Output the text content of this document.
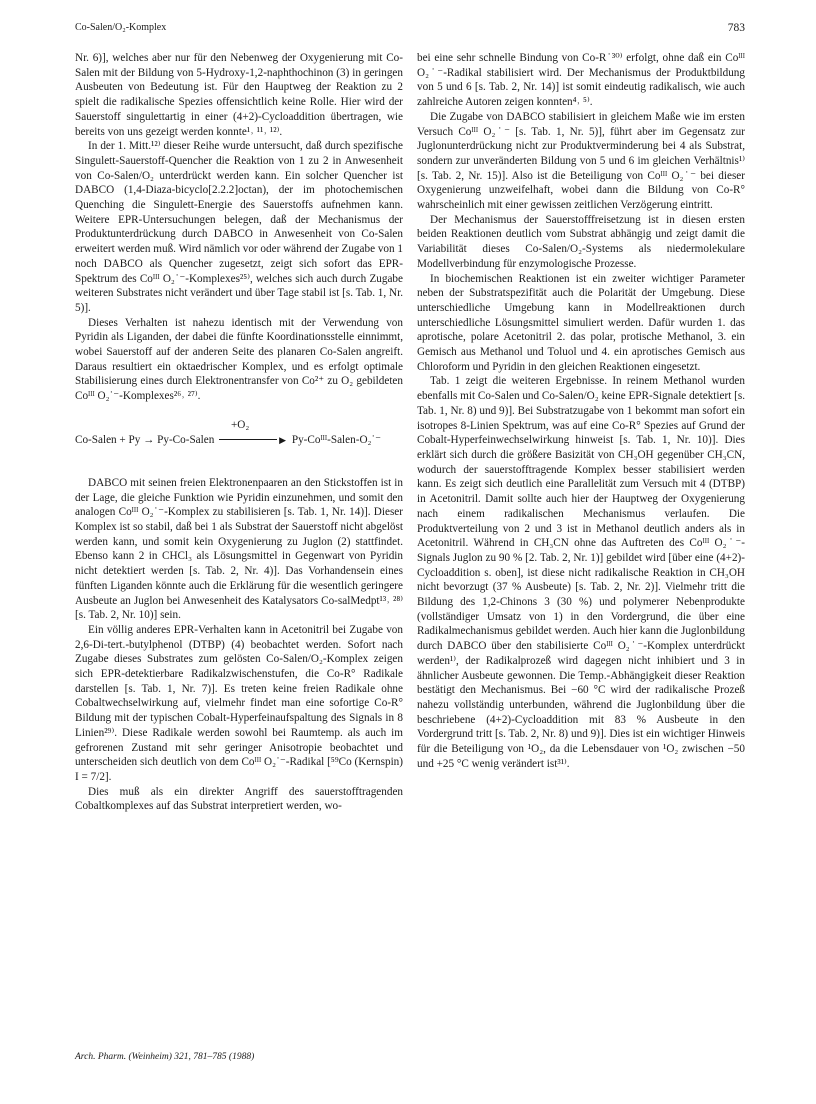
Co-Salen/O₂-Komplex	783

Nr. 6)], welches aber nur für den Nebenweg der Oxygenierung mit Co-Salen mit der Bildung von 5-Hydroxy-1,2-naphthochinon (3) in geringen Ausbeuten von Bedeutung ist. Für den Hauptweg der Reaktion zu 2 spielt die radikalische Spezies offensichtlich keine Rolle. Hier wird der Sauerstoff singulettartig in einer (4+2)-Cycloaddition übertragen, wie bereits von uns gezeigt werden konnte¹˒ ¹¹˒ ¹²⁾.

In der 1. Mitt.¹²⁾ dieser Reihe wurde untersucht, daß durch spezifische Singulett-Sauerstoff-Quencher die Reaktion von 1 zu 2 in Anwesenheit von Co-Salen/O₂ unterdrückt werden kann. Ein solcher Quencher ist DABCO (1,4-Diaza-bicyclo[2.2.2]octan), der im photochemischen Quenching die Singulett-Energie des Sauerstoffs aufnehmen kann. Weitere EPR-Untersuchungen belegen, daß der Mechanismus der Produktunterdrückung durch DABCO in Anwesenheit von Co-Salen erweitert werden muß. Wird nämlich vor oder während der Zugabe von 1 noch DABCO als Quencher zugesetzt, zeigt sich sofort das EPR-Spektrum des Coᴵᴵᴵ O₂˙⁻-Komplexes²⁵⁾, welches sich auch durch Zugabe weiteren Substrates nicht verändert und über Tage stabil ist [s. Tab. 1, Nr. 5)].

Dieses Verhalten ist nahezu identisch mit der Verwendung von Pyridin als Liganden, der dabei die fünfte Koordinationsstelle einnimmt, wobei Sauerstoff auf der anderen Seite des planaren Co-Salen angreift. Daraus resultiert ein oktaedrischer Komplex, und es erfolgt optimale Stabilisierung eines durch Elektronentransfer von Co²⁺ zu O₂ gebildeten Coᴵᴵᴵ O₂˙⁻-Komplexes²⁶˒ ²⁷⁾.

+O₂
Co-Salen + Py → Py-Co-Salen	▶ Py-Coᴵᴵᴵ-Salen-O₂˙⁻

DABCO mit seinen freien Elektronenpaaren an den Stickstoffen ist in der Lage, die gleiche Funktion wie Pyridin einzunehmen, und somit den analogen Coᴵᴵᴵ O₂˙⁻-Komplex zu stabilisieren [s. Tab. 1, Nr. 14)]. Dieser Komplex ist so stabil, daß bei 1 als Substrat der Sauerstoff nicht abgelöst werden kann, und somit kein Oxygenierung zu Juglon (2) stattfindet. Ebenso kann 2 in CHCl₃ als Lösungsmittel in Gegenwart von Pyridin nicht detektiert werden [s. Tab. 2, Nr. 4)]. Das Vorhandensein eines fünften Liganden könnte auch die Erklärung für die wesentlich geringere Ausbeute an Juglon bei Anwesenheit des Katalysators Co-salMedpt¹³˒ ²⁸⁾ [s. Tab. 2, Nr. 10)] sein.

Ein völlig anderes EPR-Verhalten kann in Acetonitril bei Zugabe von 2,6-Di-tert.-butylphenol (DTBP) (4) beobachtet werden. Sofort nach Zugabe dieses Substrates zum gelösten Co-Salen/O₂-Komplex zeigen sich EPR-detektierbare Radikalzwischenstufen, die Co-R° Radikale darstellen [s. Tab. 1, Nr. 7)]. Es treten keine freien Radikale ohne Cobaltwechselwirkung auf, vielmehr findet man eine sofortige Co-R° Bildung mit der typischen Cobalt-Hyperfeinaufspaltung des Signals in 8 Linien²⁹⁾. Diese Radikale werden sowohl bei Raumtemp. als auch im gefrorenen Zustand mit sehr geringer Anisotropie beobachtet und unterscheiden sich deutlich von dem Coᴵᴵᴵ O₂˙⁻-Radikal [⁵⁹Co (Kernspin) I = 7/2].

Dies muß als ein direkter Angriff des sauerstofftragenden Cobaltkomplexes auf das Substrat interpretiert werden, wo-

bei eine sehr schnelle Bindung von Co-R˙³⁰⁾ erfolgt, ohne daß ein Coᴵᴵᴵ O₂˙⁻-Radikal stabilisiert wird. Der Mechanismus der Produktbildung von 5 und 6 [s. Tab. 2, Nr. 14)] ist somit eindeutig radikalisch, wie auch zahlreiche Autoren zeigen konnten⁴˒ ⁵⁾.

Die Zugabe von DABCO stabilisiert in gleichem Maße wie im ersten Versuch Coᴵᴵᴵ O₂˙⁻ [s. Tab. 1, Nr. 5)], führt aber im Gegensatz zur Juglonunterdrückung nicht zur Produktverminderung bei 4 als Substrat, sondern zur unveränderten Bildung von 5 und 6 im gleichen Verhältnis¹⁾ [s. Tab. 2, Nr. 15)]. Also ist die Beteiligung von Coᴵᴵᴵ O₂˙⁻ bei dieser Oxygenierung unzweifelhaft, wobei dann die Bildung von Co-R° wahrscheinlich mit einer gewissen zeitlichen Verzögerung eintritt.

Der Mechanismus der Sauerstofffreisetzung ist in diesen ersten beiden Reaktionen deutlich vom Substrat abhängig und zeigt damit die Variabilität dieses Co-Salen/O₂-Systems als niedermolekulare Modellverbindung für enzymologische Prozesse.

In biochemischen Reaktionen ist ein zweiter wichtiger Parameter neben der Substratspezifität auch die Polarität der Umgebung. Diese unterschiedliche Umgebung kann in Modellreaktionen durch unterschiedliche Lösungsmittel simuliert werden. Dafür wurden 1. das aprotische, polare Acetonitril 2. das polar, protische Methanol, 3. ein Gemisch aus Methanol und Toluol und 4. ein aprotisches Gemisch aus Chloroform und Pyridin in den gleichen Reaktionen eingesetzt.

Tab. 1 zeigt die weiteren Ergebnisse. In reinem Methanol wurden ebenfalls mit Co-Salen und Co-Salen/O₂ keine EPR-Signale detektiert [s. Tab. 1, Nr. 8) und 9)]. Bei Substratzugabe von 1 bekommt man sofort ein isotropes 8-Linien Spektrum, was auf eine Co-R° Spezies auf Grund der Cobalt-Hyperfeinwechselwirkung hinweist [s. Tab. 1, Nr. 10)]. Dies erklärt sich durch die größere Basizität von CH₃OH gegenüber CH₃CN, wodurch der sauerstofftragende Komplex besser stabilisiert werden kann. Es zeigt sich deutlich eine Parallelität zum Versuch mit 4 (DTBP) in Acetonitril. Damit sollte auch hier der Hauptweg der Oxygenierung nach einem radikalischen Mechanismus verlaufen. Die Produktverteilung von 2 und 3 ist in Methanol deutlich anders als in Acetonitril. Während in CH₃CN ohne das Auftreten des Coᴵᴵᴵ O₂˙⁻-Signals Juglon zu 90 % [2. Tab. 2, Nr. 1)] gebildet wird [über eine (4+2)-Cycloaddition s. oben], ist diese nicht radikalische Reaktion in CH₃OH nicht bevorzugt (37 % Ausbeute) [s. Tab. 2, Nr. 2)]. Vielmehr tritt die Bildung des 1,2-Chinons 3 (30 %) und polymerer Nebenprodukte (vollständiger Umsatz von 1) in den Vordergrund, die über eine Radikalmechanismus gebildet werden. Auch hier kann die Juglonbildung durch DABCO über den stabilisierte Coᴵᴵᴵ O₂˙⁻-Komplex unterdrückt werden¹⁾, der Radikalprozeß wird dagegen nicht inhibiert und 3 in ähnlicher Ausbeute gewonnen. Die Temp.-Abhängigkeit dieser Reaktion bestätigt den Mechanismus. Bei −60 °C wird der radikalische Prozeß nahezu vollständig unterbunden, während die Juglonbildung über die beschriebene (4+2)-Cycloaddition mit 83 % Ausbeute in den Vordergrund tritt [s. Tab. 2, Nr. 8) und 9)]. Dies ist ein wichtiger Hinweis für die Beteiligung von ¹O₂, da die Lebensdauer von ¹O₂ zwischen −50 und +25 °C wenig verändert ist³¹⁾.

Arch. Pharm. (Weinheim) 321, 781–785 (1988)
